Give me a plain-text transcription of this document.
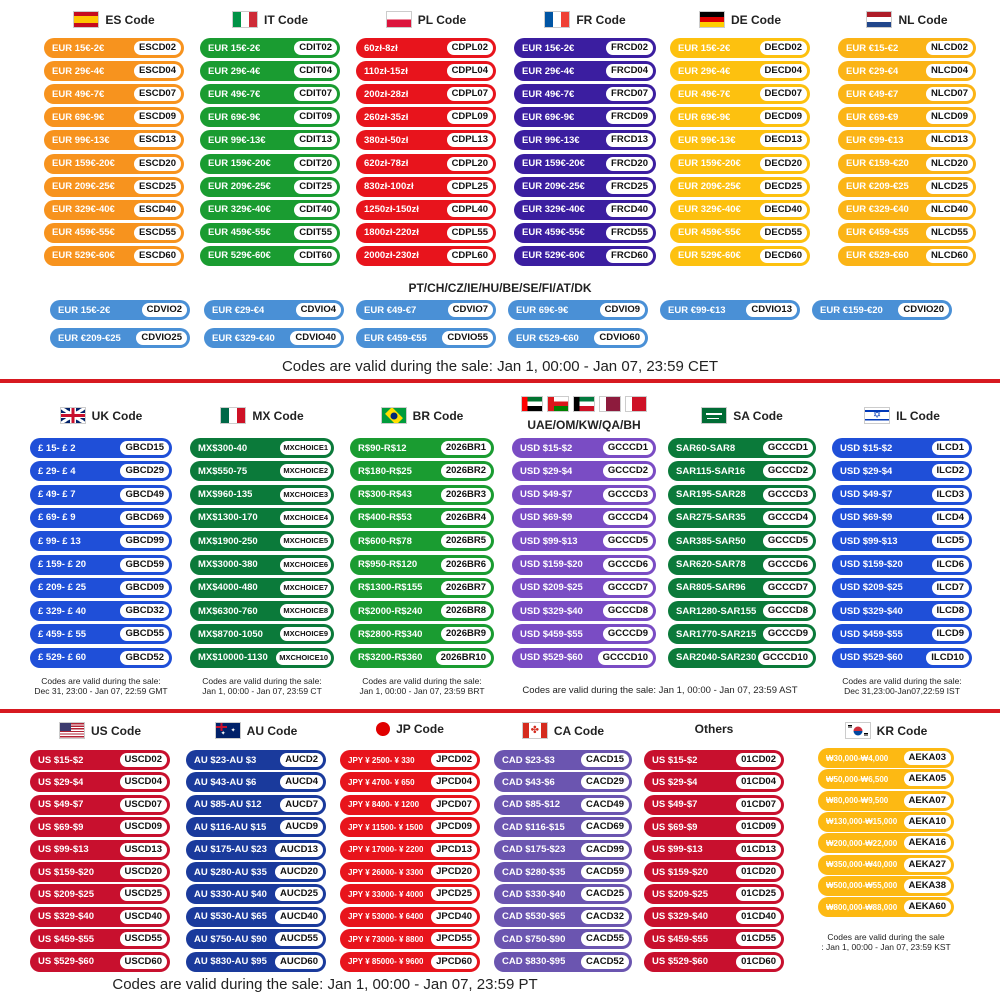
ES Code
EUR 15€-2€	ESCD02
EUR 29€-4€	ESCD04
EUR 49€-7€	ESCD07
EUR 69€-9€	ESCD09
EUR 99€-13€	ESCD13
EUR 159€-20€	ESCD20
EUR 209€-25€	ESCD25
EUR 329€-40€	ESCD40
EUR 459€-55€	ESCD55
EUR 529€-60€	ESCD60
IT Code
EUR 15€-2€	CDIT02
EUR 29€-4€	CDIT04
EUR 49€-7€	CDIT07
EUR 69€-9€	CDIT09
EUR 99€-13€	CDIT13
EUR 159€-20€	CDIT20
EUR 209€-25€	CDIT25
EUR 329€-40€	CDIT40
EUR 459€-55€	CDIT55
EUR 529€-60€	CDIT60
PL Code
60zł-8zł	CDPL02
110zł-15zł	CDPL04
200zł-28zł	CDPL07
260zł-35zł	CDPL09
380zł-50zł	CDPL13
620zł-78zł	CDPL20
830zł-100zł	CDPL25
1250zł-150zł	CDPL40
1800zł-220zł	CDPL55
2000zł-230zł	CDPL60
FR Code
EUR 15€-2€	FRCD02
EUR 29€-4€	FRCD04
EUR 49€-7€	FRCD07
EUR 69€-9€	FRCD09
EUR 99€-13€	FRCD13
EUR 159€-20€	FRCD20
EUR 209€-25€	FRCD25
EUR 329€-40€	FRCD40
EUR 459€-55€	FRCD55
EUR 529€-60€	FRCD60
DE Code
EUR 15€-2€	DECD02
EUR 29€-4€	DECD04
EUR 49€-7€	DECD07
EUR 69€-9€	DECD09
EUR 99€-13€	DECD13
EUR 159€-20€	DECD20
EUR 209€-25€	DECD25
EUR 329€-40€	DECD40
EUR 459€-55€	DECD55
EUR 529€-60€	DECD60
NL Code
EUR €15-€2	NLCD02
EUR €29-€4	NLCD04
EUR €49-€7	NLCD07
EUR €69-€9	NLCD09
EUR €99-€13	NLCD13
EUR €159-€20	NLCD20
EUR €209-€25	NLCD25
EUR €329-€40	NLCD40
EUR €459-€55	NLCD55
EUR €529-€60	NLCD60
EUR 15€-2€	CDVIO2	EUR €29-€4	CDVIO4	EUR €49-€7	CDVIO7	EUR 69€-9€	CDVIO9	EUR €99-€13	CDVIO13	EUR €159-€20	CDVIO20
EUR €209-€25	CDVIO25	EUR €329-€40	CDVIO40	EUR €459-€55	CDVIO55	EUR €529-€60	CDVIO60
UK Code
£ 15- £ 2	GBCD15
£ 29- £ 4	GBCD29
£ 49- £ 7	GBCD49
£ 69- £ 9	GBCD69
£ 99- £ 13	GBCD99
£ 159- £ 20	GBCD59
£ 209- £ 25	GBCD09
£ 329- £ 40	GBCD32
£ 459- £ 55	GBCD55
£ 529- £ 60	GBCD52
Codes are valid during the sale:
Dec 31, 23:00 - Jan 07, 22:59 GMT
MX Code
MX$300-40	MXCHOICE1
MX$550-75	MXCHOICE2
MX$960-135	MXCHOICE3
MX$1300-170	MXCHOICE4
MX$1900-250	MXCHOICE5
MX$3000-380	MXCHOICE6
MX$4000-480	MXCHOICE7
MX$6300-760	MXCHOICE8
MX$8700-1050	MXCHOICE9
MX$10000-1130	MXCHOICE10
Codes are valid during the sale:
Jan 1, 00:00 - Jan 07, 23:59 CT
BR Code
R$90-R$12	2026BR1
R$180-R$25	2026BR2
R$300-R$43	2026BR3
R$400-R$53	2026BR4
R$600-R$78	2026BR5
R$950-R$120	2026BR6
R$1300-R$155	2026BR7
R$2000-R$240	2026BR8
R$2800-R$340	2026BR9
R$3200-R$360	2026BR10
Codes are valid during the sale:
Jan 1, 00:00 - Jan 07, 23:59 BRT
UAE/OM/KW/QA/BH
USD $15-$2	GCCCD1
USD $29-$4	GCCCD2
USD $49-$7	GCCCD3
USD $69-$9	GCCCD4
USD $99-$13	GCCCD5
USD $159-$20	GCCCD6
USD $209-$25	GCCCD7
USD $329-$40	GCCCD8
USD $459-$55	GCCCD9
USD $529-$60	GCCCD10
SA Code
SAR60-SAR8	GCCCD1
SAR115-SAR16	GCCCD2
SAR195-SAR28	GCCCD3
SAR275-SAR35	GCCCD4
SAR385-SAR50	GCCCD5
SAR620-SAR78	GCCCD6
SAR805-SAR96	GCCCD7
SAR1280-SAR155	GCCCD8
SAR1770-SAR215	GCCCD9
SAR2040-SAR230 GCCCD10
✡ IL Code
USD $15-$2	ILCD1
USD $29-$4	ILCD2
USD $49-$7	ILCD3
USD $69-$9	ILCD4
USD $99-$13	ILCD5
USD $159-$20	ILCD6
USD $209-$25	ILCD7
USD $329-$40	ILCD8
USD $459-$55	ILCD9
USD $529-$60	ILCD10
Codes are valid during the sale:
Dec 31,23:00-Jan07,22:59 IST
US Code
US $15-$2	USCD02
US $29-$4	USCD04
US $49-$7	USCD07
US $69-$9	USCD09
US $99-$13	USCD13
US $159-$20	USCD20
US $209-$25	USCD25
US $329-$40	USCD40
US $459-$55	USCD55
US $529-$60	USCD60
✦
✦ AU Code
AU $23-AU $3	AUCD2
AU $43-AU $6	AUCD4
AU $85-AU $12	AUCD7
AU $116-AU $15	AUCD9
AU $175-AU $23	AUCD13
AU $280-AU $35	AUCD20
AU $330-AU $40	AUCD25
AU $530-AU $65	AUCD40
AU $750-AU $90	AUCD55
AU $830-AU $95	AUCD60
JP Code
JPY ¥ 2500- ¥ 330	JPCD02
JPY ¥ 4700- ¥ 650	JPCD04
JPY ¥ 8400- ¥ 1200	JPCD07
JPY ¥ 11500- ¥ 1500	JPCD09
JPY ¥ 17000- ¥ 2200	JPCD13
JPY ¥ 26000- ¥ 3300	JPCD20
JPY ¥ 33000- ¥ 4000	JPCD25
JPY ¥ 53000- ¥ 6400	JPCD40
JPY ¥ 73000- ¥ 8800	JPCD55
JPY ¥ 85000- ¥ 9600	JPCD60
✤ CA Code
CAD $23-$3	CACD15
CAD $43-$6	CACD29
CAD $85-$12	CACD49
CAD $116-$15	CACD69
CAD $175-$23	CACD99
CAD $280-$35	CACD59
CAD $330-$40	CACD25
CAD $530-$65	CACD32
CAD $750-$90	CACD55
CAD $830-$95	CACD52
Others
US $15-$2	01CD02
US $29-$4	01CD04
US $49-$7	01CD07
US $69-$9	01CD09
US $99-$13	01CD13
US $159-$20	01CD20
US $209-$25	01CD25
US $329-$40	01CD40
US $459-$55	01CD55
US $529-$60	01CD60
KR Code
₩30,000-₩4,000	AEKA03
₩50,000-₩6,500	AEKA05
₩80,000-₩9,500	AEKA07
₩130,000-₩15,000	AEKA10
₩200,000-₩22,000	AEKA16
₩350,000-₩40,000	AEKA27
₩500,000-₩55,000	AEKA38
₩800,000-₩88,000	AEKA60
Codes are valid during the sale
: Jan 1, 00:00 - Jan 07, 23:59 KST
PT/CH/CZ/IE/HU/BE/SE/FI/AT/DK
Codes are valid during the sale: Jan 1, 00:00 - Jan 07, 23:59 CET
Codes are valid during the sale: Jan 1, 00:00 - Jan 07, 23:59 AST
Codes are valid during the sale: Jan 1, 00:00 - Jan 07, 23:59 PT
